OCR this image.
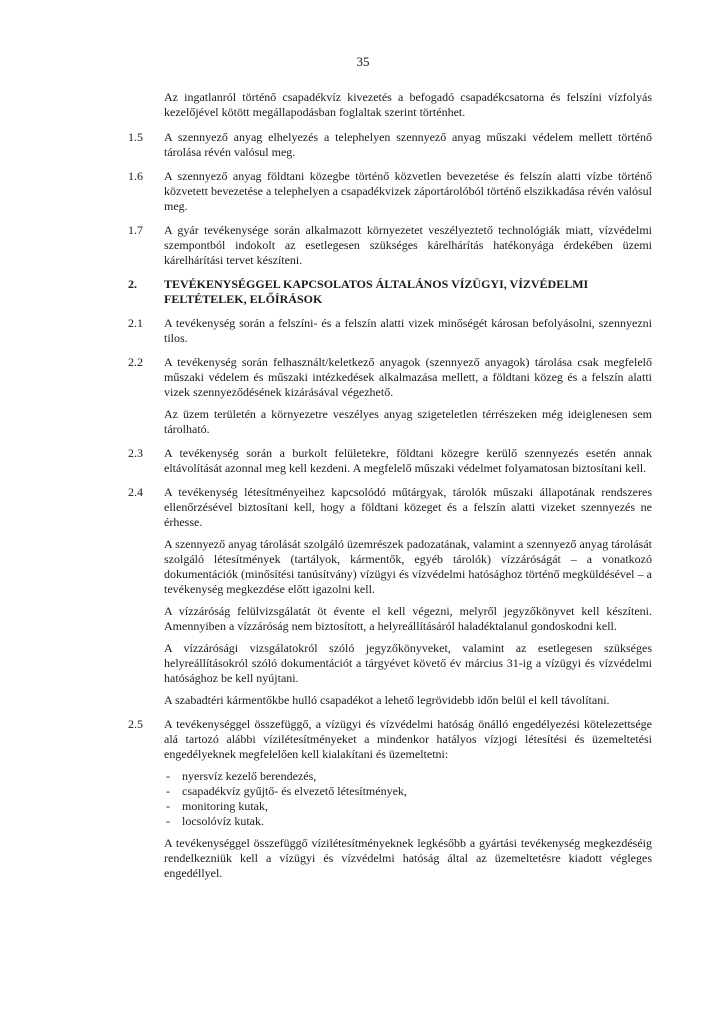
35

Az ingatlanról történő csapadékvíz kivezetés a befogadó csapadékcsatorna és felszíni vízfolyás kezelőjével kötött megállapodásban foglaltak szerint történhet.

1.5 A szennyező anyag elhelyezés a telephelyen szennyező anyag műszaki védelem mellett történő tárolása révén valósul meg.

1.6 A szennyező anyag földtani közegbe történő közvetlen bevezetése és felszín alatti vízbe történő közvetett bevezetése a telephelyen a csapadékvizek záportárolóból történő elszikkadása révén valósul meg.

1.7 A gyár tevékenysége során alkalmazott környezetet veszélyeztető technológiák miatt, vízvédelmi szempontból indokolt az esetlegesen szükséges kárelhárítás hatékonyága érdekében üzemi kárelhárítási tervet készíteni.

2. TEVÉKENYSÉGGEL KAPCSOLATOS ÁLTALÁNOS VÍZÜGYI, VÍZVÉDELMI FELTÉTELEK, ELŐÍRÁSOK

2.1 A tevékenység során a felszíni- és a felszín alatti vizek minőségét károsan befolyásolni, szennyezni tilos.

2.2 A tevékenység során felhasznált/keletkező anyagok (szennyező anyagok) tárolása csak megfelelő műszaki védelem és műszaki intézkedések alkalmazása mellett, a földtani közeg és a felszín alatti vizek szennyeződésének kizárásával végezhető.

Az üzem területén a környezetre veszélyes anyag szigeteletlen térrészeken még ideiglenesen sem tárolható.

2.3 A tevékenység során a burkolt felületekre, földtani közegre kerülő szennyezés esetén annak eltávolítását azonnal meg kell kezdeni. A megfelelő műszaki védelmet folyamatosan biztosítani kell.

2.4 A tevékenység létesítményeihez kapcsolódó műtárgyak, tárolók műszaki állapotának rendszeres ellenőrzésével biztosítani kell, hogy a földtani közeget és a felszín alatti vizeket szennyezés ne érhesse.

A szennyező anyag tárolását szolgáló üzemrészek padozatának, valamint a szennyező anyag tárolását szolgáló létesítmények (tartályok, kármentők, egyéb tárolók) vízzáróságát – a vonatkozó dokumentációk (minősítési tanúsítvány) vízügyi és vízvédelmi hatósághoz történő megküldésével – a tevékenység megkezdése előtt igazolni kell.

A vízzáróság felülvizsgálatát öt évente el kell végezni, melyről jegyzőkönyvet kell készíteni. Amennyiben a vízzáróság nem biztosított, a helyreállításáról haladéktalanul gondoskodni kell.

A vízzárósági vizsgálatokról szóló jegyzőkönyveket, valamint az esetlegesen szükséges helyreállításokról szóló dokumentációt a tárgyévet követő év március 31-ig a vízügyi és vízvédelmi hatósághoz be kell nyújtani.

A szabadtéri kármentőkbe hulló csapadékot a lehető legrövidebb időn belül el kell távolítani.

2.5 A tevékenységgel összefüggő, a vízügyi és vízvédelmi hatóság önálló engedélyezési kötelezettsége alá tartozó alábbi vízilétesítményeket a mindenkor hatályos vízjogi létesítési és üzemeltetési engedélyeknek megfelelően kell kialakítani és üzemeltetni:

- nyersvíz kezelő berendezés,
- csapadékvíz gyűjtő- és elvezető létesítmények,
- monitoring kutak,
- locsolóvíz kutak.

A tevékenységgel összefüggő vízilétesítményeknek legkésőbb a gyártási tevékenység megkezdéséig rendelkezniük kell a vízügyi és vízvédelmi hatóság által az üzemeltetésre kiadott végleges engedéllyel.
